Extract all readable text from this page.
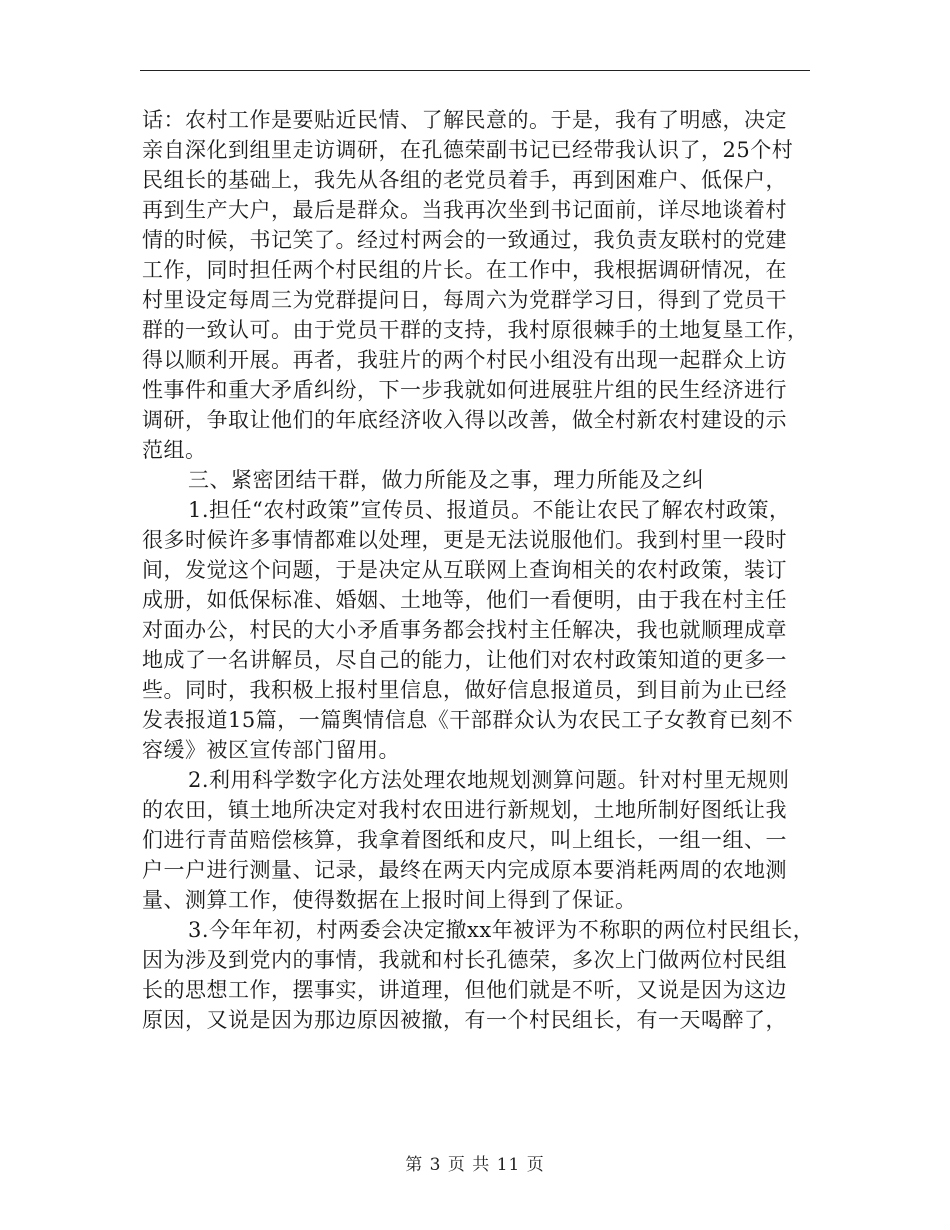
话：农村工作是要贴近民情、了解民意的。于是，我有了明感，决定
亲自深化到组里走访调研，在孔德荣副书记已经带我认识了，25个村
民组长的基础上，我先从各组的老党员着手，再到困难户、低保户，
再到生产大户，最后是群众。当我再次坐到书记面前，详尽地谈着村
情的时候，书记笑了。经过村两会的一致通过，我负责友联村的党建
工作，同时担任两个村民组的片长。在工作中，我根据调研情况，在
村里设定每周三为党群提问日，每周六为党群学习日，得到了党员干
群的一致认可。由于党员干群的支持，我村原很棘手的土地复垦工作，
得以顺利开展。再者，我驻片的两个村民小组没有出现一起群众上访
性事件和重大矛盾纠纷，下一步我就如何进展驻片组的民生经济进行
调研，争取让他们的年底经济收入得以改善，做全村新农村建设的示
范组。
三、紧密团结干群，做力所能及之事，理力所能及之纠
1.担任“农村政策”宣传员、报道员。不能让农民了解农村政策，
很多时候许多事情都难以处理，更是无法说服他们。我到村里一段时
间，发觉这个问题，于是决定从互联网上查询相关的农村政策，装订
成册，如低保标准、婚姻、土地等，他们一看便明，由于我在村主任
对面办公，村民的大小矛盾事务都会找村主任解决，我也就顺理成章
地成了一名讲解员，尽自己的能力，让他们对农村政策知道的更多一
些。同时，我积极上报村里信息，做好信息报道员，到目前为止已经
发表报道15篇，一篇舆情信息《干部群众认为农民工子女教育已刻不
容缓》被区宣传部门留用。
2.利用科学数字化方法处理农地规划测算问题。针对村里无规则
的农田，镇土地所决定对我村农田进行新规划，土地所制好图纸让我
们进行青苗赔偿核算，我拿着图纸和皮尺，叫上组长，一组一组、一
户一户进行测量、记录，最终在两天内完成原本要消耗两周的农地测
量、测算工作，使得数据在上报时间上得到了保证。
3.今年年初，村两委会决定撤xx年被评为不称职的两位村民组长，
因为涉及到党内的事情，我就和村长孔德荣，多次上门做两位村民组
长的思想工作，摆事实，讲道理，但他们就是不听，又说是因为这边
原因，又说是因为那边原因被撤，有一个村民组长，有一天喝醉了，
第 3 页 共 11 页
